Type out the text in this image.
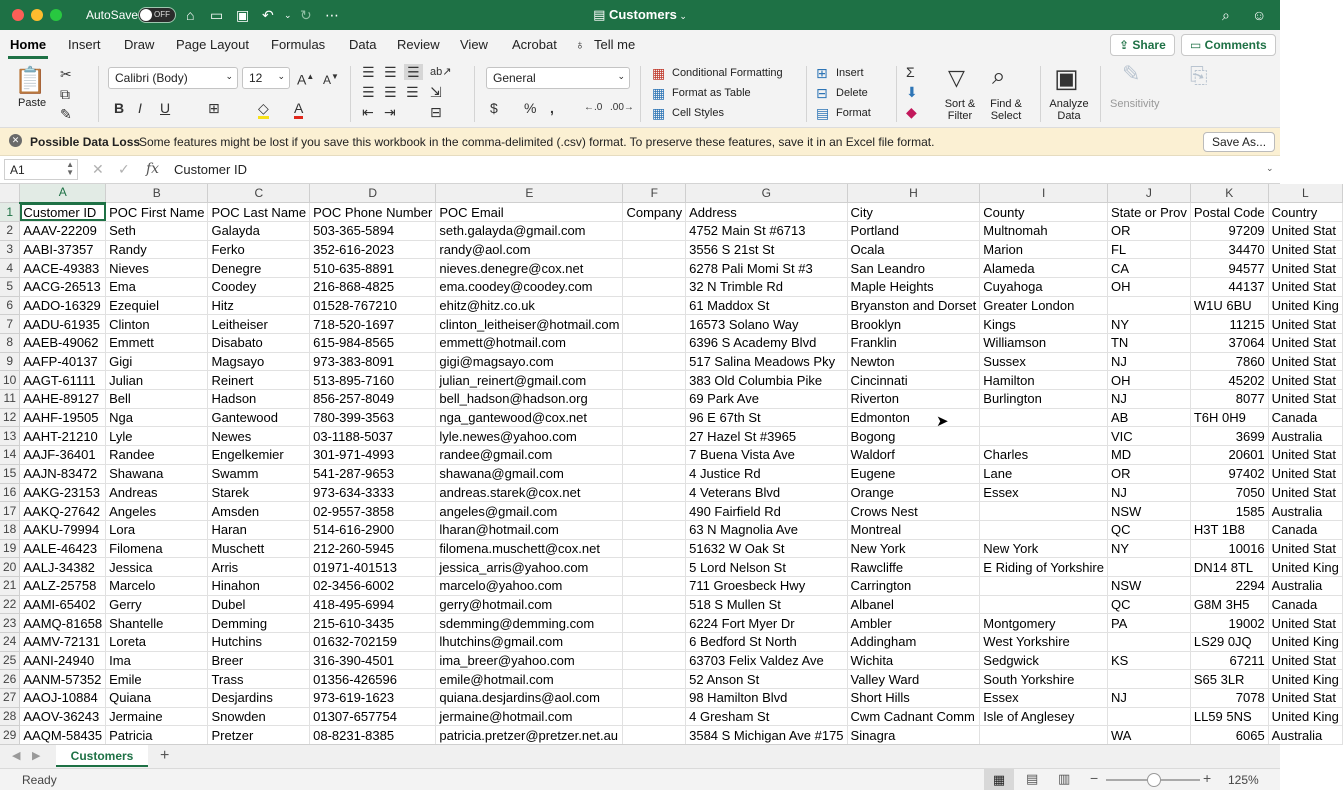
AutoSave OFF ⌂ ▭ ▣ ↶ ⌄ ↻ ⋯	▤ Customers ⌄	⌕ ☺
Home Insert Draw Page Layout Formulas Data Review View Acrobat ♁ Tell me	⇪ Share	▭ Comments
📋
Paste
✂
⧉
✎
Calibri (Body)	⌄	12 ⌄ A▲ A▼
B I U	⊞	◇ A
☰ ☰ ☰ ab↗
☰ ☰ ☰ ⇲
⇤ ⇥ ⊟
General	⌄
$ % ,	←.0 .00→
▦ Conditional Formatting
▦ Format as Table
▦ Cell Styles
⊞ Insert
⊟ Delete
▤ Format
Σ
⬇
◆
▽
Sort &
Filter
⌕
Find &
Select
▣
Analyze
Data
✎
Sensitivity
⎘
✕ Possible Data Loss
Some features might be lost if you save this workbook in the comma-delimited (.csv) format. To preserve these features, save it in an Excel file format.	Save As...
A1	▲
▼ ✕ ✓ fx	Customer ID	⌄
	A	B	C	D	E	F	G	H	I	J	K	L
1	Customer ID	POC First Name	POC Last Name	POC Phone Number	POC Email	Company	Address	City	County	State or Prov	Postal Code	Country
2	AAAV-22209	Seth	Galayda	503-365-5894	seth.galayda@gmail.com		4752 Main St #6713	Portland	Multnomah	OR	97209	United Stat
3	AABI-37357	Randy	Ferko	352-616-2023	randy@aol.com		3556 S 21st St	Ocala	Marion	FL	34470	United Stat
4	AACE-49383	Nieves	Denegre	510-635-8891	nieves.denegre@cox.net		6278 Pali Momi St #3	San Leandro	Alameda	CA	94577	United Stat
5	AACG-26513	Ema	Coodey	216-868-4825	ema.coodey@coodey.com		32 N Trimble Rd	Maple Heights	Cuyahoga	OH	44137	United Stat
6	AADO-16329	Ezequiel	Hitz	01528-767210	ehitz@hitz.co.uk		61 Maddox St	Bryanston and Dorset	Greater London		W1U 6BU	United King
7	AADU-61935	Clinton	Leitheiser	718-520-1697	clinton_leitheiser@hotmail.com		16573 Solano Way	Brooklyn	Kings	NY	11215	United Stat
8	AAEB-49062	Emmett	Disabato	615-984-8565	emmett@hotmail.com		6396 S Academy Blvd	Franklin	Williamson	TN	37064	United Stat
9	AAFP-40137	Gigi	Magsayo	973-383-8091	gigi@magsayo.com		517 Salina Meadows Pky	Newton	Sussex	NJ	7860	United Stat
10	AAGT-61111	Julian	Reinert	513-895-7160	julian_reinert@gmail.com		383 Old Columbia Pike	Cincinnati	Hamilton	OH	45202	United Stat
11	AAHE-89127	Bell	Hadson	856-257-8049	bell_hadson@hadson.org		69 Park Ave	Riverton	Burlington	NJ	8077	United Stat
12	AAHF-19505	Nga	Gantewood	780-399-3563	nga_gantewood@cox.net		96 E 67th St	Edmonton		AB	T6H 0H9	Canada
13	AAHT-21210	Lyle	Newes	03-1188-5037	lyle.newes@yahoo.com		27 Hazel St #3965	Bogong		VIC	3699	Australia
14	AAJF-36401	Randee	Engelkemier	301-971-4993	randee@gmail.com		7 Buena Vista Ave	Waldorf	Charles	MD	20601	United Stat
15	AAJN-83472	Shawana	Swamm	541-287-9653	shawana@gmail.com		4 Justice Rd	Eugene	Lane	OR	97402	United Stat
16	AAKG-23153	Andreas	Starek	973-634-3333	andreas.starek@cox.net		4 Veterans Blvd	Orange	Essex	NJ	7050	United Stat
17	AAKQ-27642	Angeles	Amsden	02-9557-3858	angeles@gmail.com		490 Fairfield Rd	Crows Nest		NSW	1585	Australia
18	AAKU-79994	Lora	Haran	514-616-2900	lharan@hotmail.com		63 N Magnolia Ave	Montreal		QC	H3T 1B8	Canada
19	AALE-46423	Filomena	Muschett	212-260-5945	filomena.muschett@cox.net		51632 W Oak St	New York	New York	NY	10016	United Stat
20	AALJ-34382	Jessica	Arris	01971-401513	jessica_arris@yahoo.com		5 Lord Nelson St	Rawcliffe	E Riding of Yorkshire		DN14 8TL	United King
21	AALZ-25758	Marcelo	Hinahon	02-3456-6002	marcelo@yahoo.com		711 Groesbeck Hwy	Carrington		NSW	2294	Australia
22	AAMI-65402	Gerry	Dubel	418-495-6994	gerry@hotmail.com		518 S Mullen St	Albanel		QC	G8M 3H5	Canada
23	AAMQ-81658	Shantelle	Demming	215-610-3435	sdemming@demming.com		6224 Fort Myer Dr	Ambler	Montgomery	PA	19002	United Stat
24	AAMV-72131	Loreta	Hutchins	01632-702159	lhutchins@gmail.com		6 Bedford St North	Addingham	West Yorkshire		LS29 0JQ	United King
25	AANI-24940	Ima	Breer	316-390-4501	ima_breer@yahoo.com		63703 Felix Valdez Ave	Wichita	Sedgwick	KS	67211	United Stat
26	AANM-57352	Emile	Trass	01356-426596	emile@hotmail.com		52 Anson St	Valley Ward	South Yorkshire		S65 3LR	United King
27	AAOJ-10884	Quiana	Desjardins	973-619-1623	quiana.desjardins@aol.com		98 Hamilton Blvd	Short Hills	Essex	NJ	7078	United Stat
28	AAOV-36243	Jermaine	Snowden	01307-657754	jermaine@hotmail.com		4 Gresham St	Cwm Cadnant Comm	Isle of Anglesey		LL59 5NS	United King
29	AAQM-58435	Patricia	Pretzer	08-8231-8385	patricia.pretzer@pretzer.net.au		3584 S Michigan Ave #175	Sinagra		WA	6065	Australia
➤
◀ ▶	Customers	+
Ready	▦	▤ ▥ −	+ 125%
